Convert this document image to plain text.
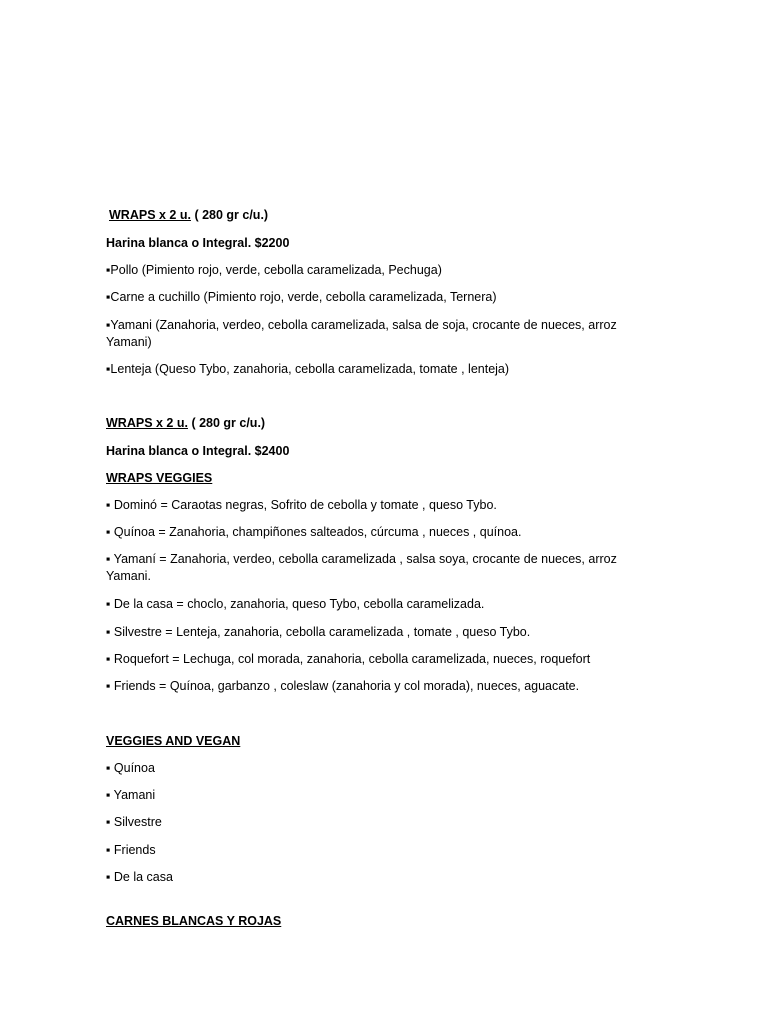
WRAPS x 2 u. ( 280 gr c/u.)
Harina blanca o Integral. $2200
▪Pollo (Pimiento rojo, verde, cebolla caramelizada, Pechuga)
▪Carne a cuchillo (Pimiento rojo, verde, cebolla caramelizada, Ternera)
▪Yamani (Zanahoria, verdeo, cebolla caramelizada, salsa de soja, crocante de nueces, arroz Yamani)
▪Lenteja (Queso Tybo, zanahoria, cebolla caramelizada, tomate , lenteja)
WRAPS x 2 u. ( 280 gr c/u.)
Harina blanca o Integral. $2400
WRAPS VEGGIES
▪ Dominó = Caraotas negras, Sofrito de cebolla y tomate , queso Tybo.
▪ Quínoa = Zanahoria, champiñones salteados, cúrcuma , nueces , quínoa.
▪ Yamaní = Zanahoria, verdeo, cebolla caramelizada , salsa soya, crocante de nueces, arroz Yamani.
▪ De la casa = choclo, zanahoria, queso Tybo, cebolla caramelizada.
▪ Silvestre = Lenteja, zanahoria, cebolla caramelizada , tomate , queso Tybo.
▪ Roquefort = Lechuga, col morada, zanahoria, cebolla caramelizada, nueces, roquefort
▪ Friends = Quínoa, garbanzo , coleslaw (zanahoria y col morada), nueces, aguacate.
VEGGIES AND VEGAN
▪ Quínoa
▪ Yamani
▪ Silvestre
▪ Friends
▪ De la casa
CARNES BLANCAS Y ROJAS
